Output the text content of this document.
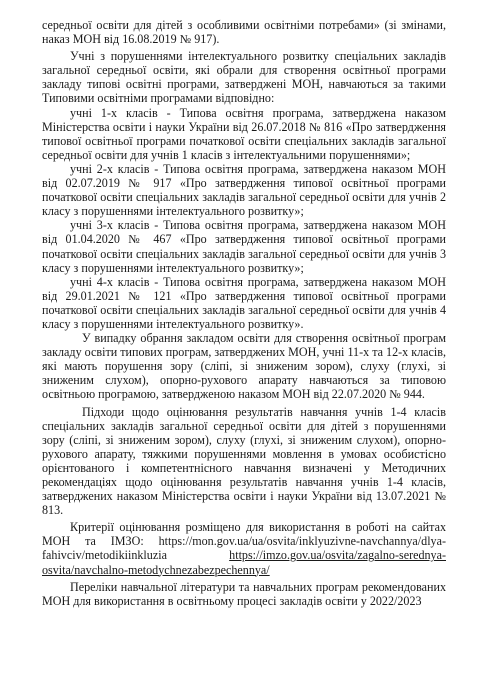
середньої освіти для дітей з особливими освітніми потребами» (зі змінами, наказ МОН від 16.08.2019 № 917).

Учні з порушеннями інтелектуального розвитку спеціальних закладів загальної середньої освіти, які обрали для створення освітньої програми закладу типові освітні програми, затверджені МОН, навчаються за такими Типовими освітніми програмами відповідно:

учні 1-х класів - Типова освітня програма, затверджена наказом Міністерства освіти і науки України від 26.07.2018 № 816 «Про затвердження типової освітньої програми початкової освіти спеціальних закладів загальної середньої освіти для учнів 1 класів з інтелектуальними порушеннями»;

учні 2-х класів - Типова освітня програма, затверджена наказом МОН від 02.07.2019 № 917 «Про затвердження типової освітньої програми початкової освіти спеціальних закладів загальної середньої освіти для учнів 2 класу з порушеннями інтелектуального розвитку»;

учні 3-х класів - Типова освітня програма, затверджена наказом МОН від 01.04.2020 № 467 «Про затвердження типової освітньої програми початкової освіти спеціальних закладів загальної середньої освіти для учнів 3 класу з порушеннями інтелектуального розвитку»;

учні 4-х класів - Типова освітня програма, затверджена наказом МОН від 29.01.2021 № 121 «Про затвердження типової освітньої програми початкової освіти спеціальних закладів загальної середньої освіти для учнів 4 класу з порушеннями інтелектуального розвитку».

У випадку обрання закладом освіти для створення освітньої програм закладу освіти типових програм, затверджених МОН, учні 11-х та 12-х класів, які мають порушення зору (сліпі, зі зниженим зором), слуху (глухі, зі зниженим слухом), опорно-рухового апарату навчаються за типовою освітньою програмою, затвердженою наказом МОН від 22.07.2020 № 944.

Підходи щодо оцінювання результатів навчання учнів 1-4 класів спеціальних закладів загальної середньої освіти для дітей з порушеннями зору (сліпі, зі зниженим зором), слуху (глухі, зі зниженим слухом), опорно-рухового апарату, тяжкими порушеннями мовлення в умовах особистісно орієнтованого і компетентнісного навчання визначені у Методичних рекомендаціях щодо оцінювання результатів навчання учнів 1-4 класів, затверджених наказом Міністерства освіти і науки України від 13.07.2021 № 813.

Критерії оцінювання розміщено для використання в роботі на сайтах МОН та ІМЗО: https://mon.gov.ua/ua/osvita/inklyuzivne-navchannya/dlya-fahivciv/metodikiinkluzia	https://imzo.gov.ua/osvita/zagalno-serednya-osvita/navchalno-metodychnezabezpechennya/

Переліки навчальної літератури та навчальних програм рекомендованих МОН для використання в освітньому процесі закладів освіти у 2022/2023
